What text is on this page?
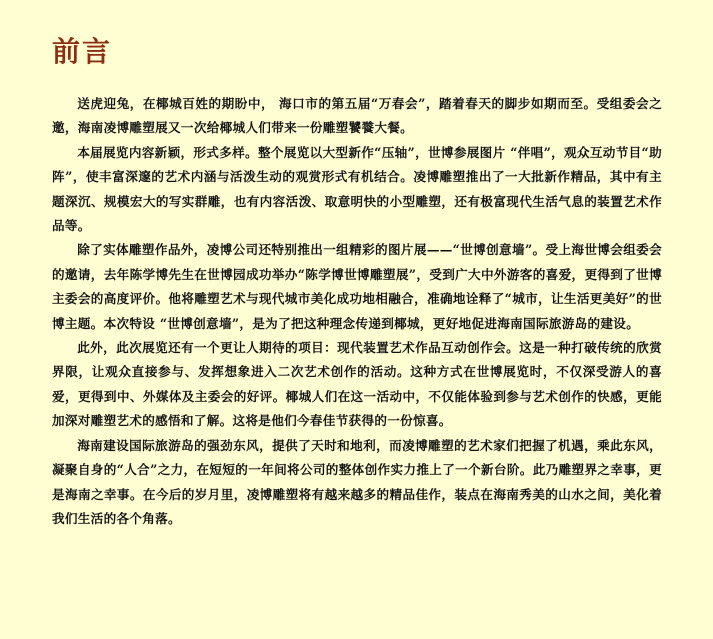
前言

送虎迎兔，在椰城百姓的期盼中， 海口市的第五届“万春会”，踏着春天的脚步如期而至。受组委会之邀，海南凌博雕塑展又一次给椰城人们带来一份雕塑饕餮大餐。

本届展览内容新颖，形式多样。整个展览以大型新作“压轴”，世博参展图片 “伴唱”，观众互动节目“助阵”，使丰富深邃的艺术内涵与活泼生动的观赏形式有机结合。凌博雕塑推出了一大批新作精品，其中有主题深沉、规模宏大的写实群雕，也有内容活泼、取意明快的小型雕塑，还有极富现代生活气息的装置艺术作品等。

除了实体雕塑作品外，凌博公司还特别推出一组精彩的图片展——“世博创意墙”。受上海世博会组委会的邀请，去年陈学博先生在世博园成功举办“陈学博世博雕塑展”，受到广大中外游客的喜爱，更得到了世博主委会的高度评价。他将雕塑艺术与现代城市美化成功地相融合，准确地诠释了“城市，让生活更美好”的世博主题。本次特设 “世博创意墙”，是为了把这种理念传递到椰城，更好地促进海南国际旅游岛的建设。

此外，此次展览还有一个更让人期待的项目：现代装置艺术作品互动创作会。这是一种打破传统的欣赏界限，让观众直接参与、发挥想象进入二次艺术创作的活动。这种方式在世博展览时，不仅深受游人的喜爱，更得到中、外媒体及主委会的好评。椰城人们在这一活动中，不仅能体验到参与艺术创作的快感，更能加深对雕塑艺术的感悟和了解。这将是他们今春佳节获得的一份惊喜。

海南建设国际旅游岛的强劲东风，提供了天时和地利，而凌博雕塑的艺术家们把握了机遇，乘此东风，凝聚自身的“人合”之力，在短短的一年间将公司的整体创作实力推上了一个新台阶。此乃雕塑界之幸事，更是海南之幸事。在今后的岁月里，凌博雕塑将有越来越多的精品佳作，装点在海南秀美的山水之间，美化着我们生活的各个角落。
